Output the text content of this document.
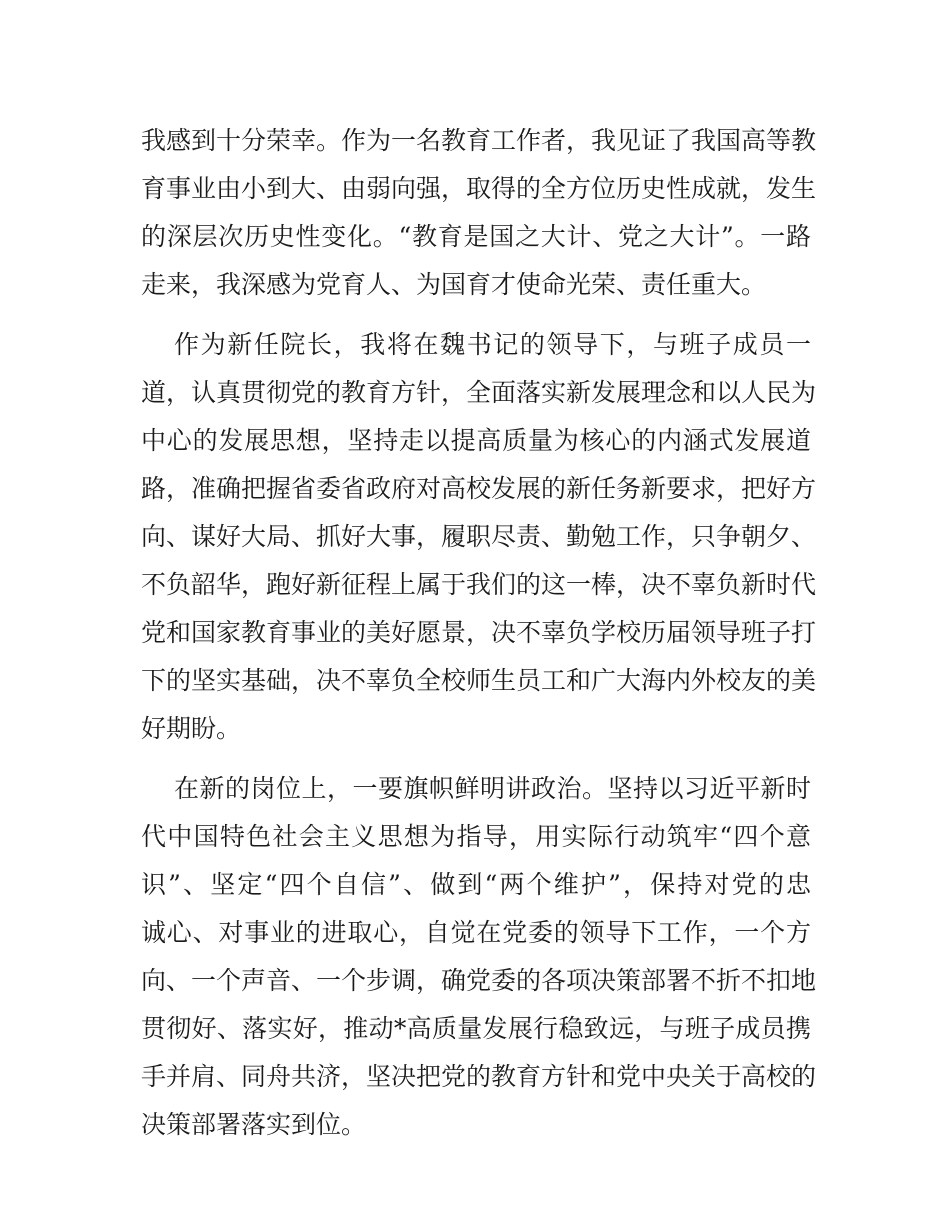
我感到十分荣幸。作为一名教育工作者，我见证了我国高等教
育事业由小到大、由弱向强，取得的全方位历史性成就，发生
的深层次历史性变化。“教育是国之大计、党之大计”。一路
走来，我深感为党育人、为国育才使命光荣、责任重大。
作为新任院长，我将在魏书记的领导下，与班子成员一
道，认真贯彻党的教育方针，全面落实新发展理念和以人民为
中心的发展思想，坚持走以提高质量为核心的内涵式发展道
路，准确把握省委省政府对高校发展的新任务新要求，把好方
向、谋好大局、抓好大事，履职尽责、勤勉工作，只争朝夕、
不负韶华，跑好新征程上属于我们的这一棒，决不辜负新时代
党和国家教育事业的美好愿景，决不辜负学校历届领导班子打
下的坚实基础，决不辜负全校师生员工和广大海内外校友的美
好期盼。
在新的岗位上，一要旗帜鲜明讲政治。坚持以习近平新时
代中国特色社会主义思想为指导，用实际行动筑牢“四个意
识”、坚定“四个自信”、做到“两个维护”，保持对党的忠
诚心、对事业的进取心，自觉在党委的领导下工作，一个方
向、一个声音、一个步调，确党委的各项决策部署不折不扣地
贯彻好、落实好，推动*高质量发展行稳致远，与班子成员携
手并肩、同舟共济，坚决把党的教育方针和党中央关于高校的
决策部署落实到位。
